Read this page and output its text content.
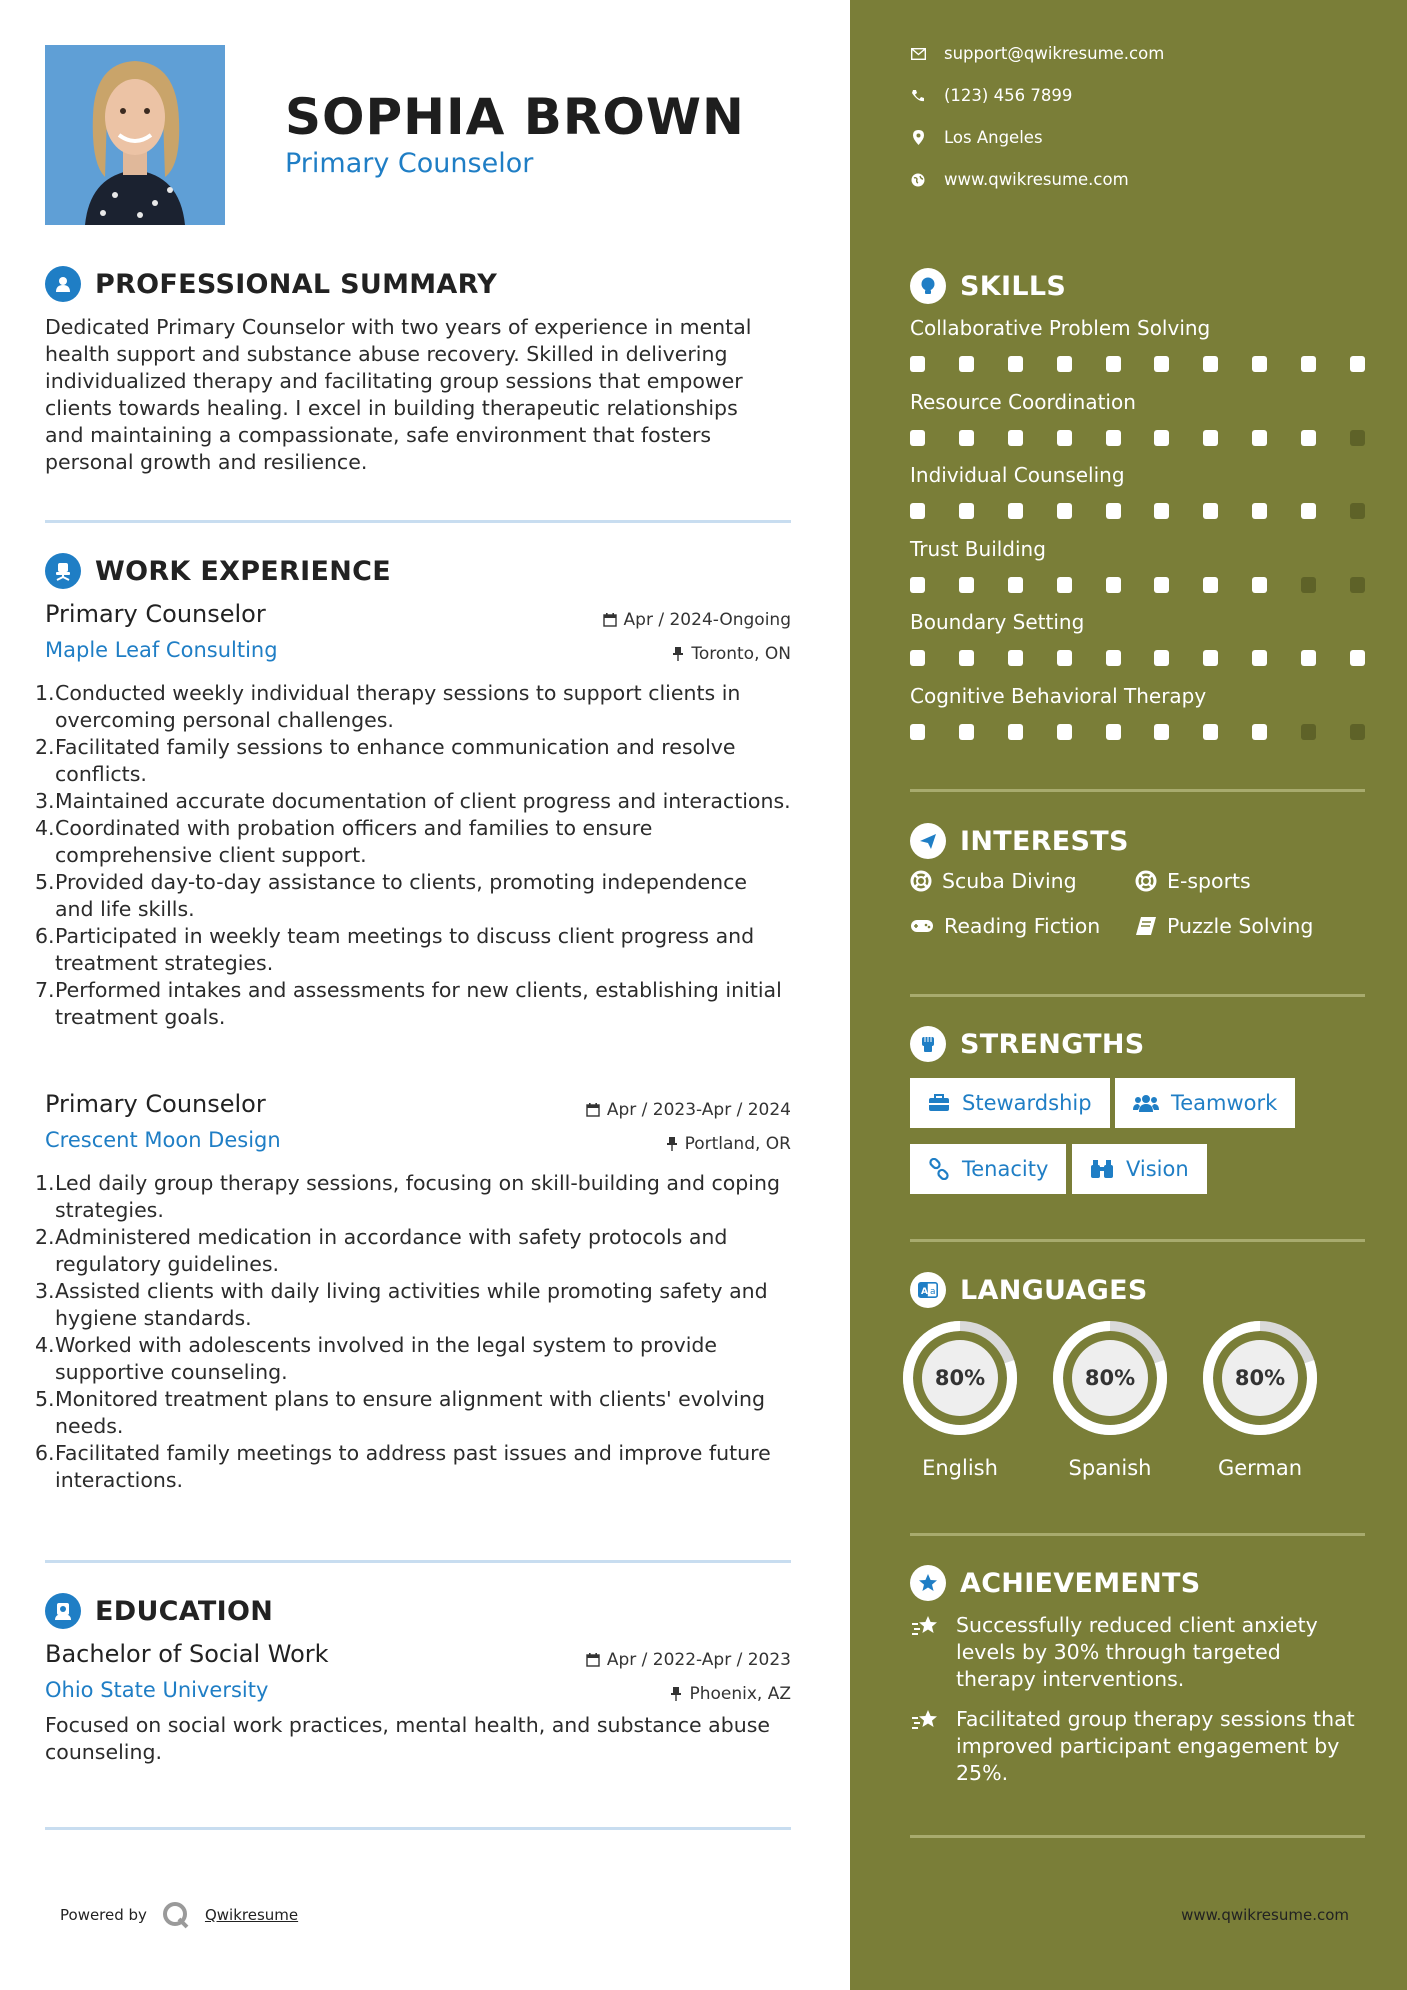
SOPHIA BROWN
Primary Counselor
PROFESSIONAL SUMMARY
Dedicated Primary Counselor with two years of experience in mental health support and substance abuse recovery. Skilled in delivering individualized therapy and facilitating group sessions that empower clients towards healing. I excel in building therapeutic relationships and maintaining a compassionate, safe environment that fosters personal growth and resilience.
WORK EXPERIENCE
Primary Counselor	Apr / 2024-Ongoing
Maple Leaf Consulting	Toronto, ON
1. Conducted weekly individual therapy sessions to support clients in overcoming personal challenges.
2. Facilitated family sessions to enhance communication and resolve conflicts.
3. Maintained accurate documentation of client progress and interactions.
4. Coordinated with probation officers and families to ensure comprehensive client support.
5. Provided day-to-day assistance to clients, promoting independence and life skills.
6. Participated in weekly team meetings to discuss client progress and treatment strategies.
7. Performed intakes and assessments for new clients, establishing initial treatment goals.
Primary Counselor	Apr / 2023-Apr / 2024
Crescent Moon Design	Portland, OR
1. Led daily group therapy sessions, focusing on skill-building and coping strategies.
2. Administered medication in accordance with safety protocols and regulatory guidelines.
3. Assisted clients with daily living activities while promoting safety and hygiene standards.
4. Worked with adolescents involved in the legal system to provide supportive counseling.
5. Monitored treatment plans to ensure alignment with clients' evolving needs.
6. Facilitated family meetings to address past issues and improve future interactions.
EDUCATION
Bachelor of Social Work	Apr / 2022-Apr / 2023
Ohio State University	Phoenix, AZ
Focused on social work practices, mental health, and substance abuse counseling.
Powered by	Qwikresume
support@qwikresume.com
(123) 456 7899
Los Angeles
www.qwikresume.com
SKILLS
Collaborative Problem Solving
Resource Coordination
Individual Counseling
Trust Building
Boundary Setting
Cognitive Behavioral Therapy
INTERESTS
Scuba Diving	E-sports
Reading Fiction	Puzzle Solving
STRENGTHS
Stewardship	Teamwork
Tenacity	Vision
A a LANGUAGES
80%
English
80%
Spanish
80%
German
ACHIEVEMENTS
Successfully reduced client anxiety levels by 30% through targeted therapy interventions.
Facilitated group therapy sessions that improved participant engagement by 25%.
www.qwikresume.com
